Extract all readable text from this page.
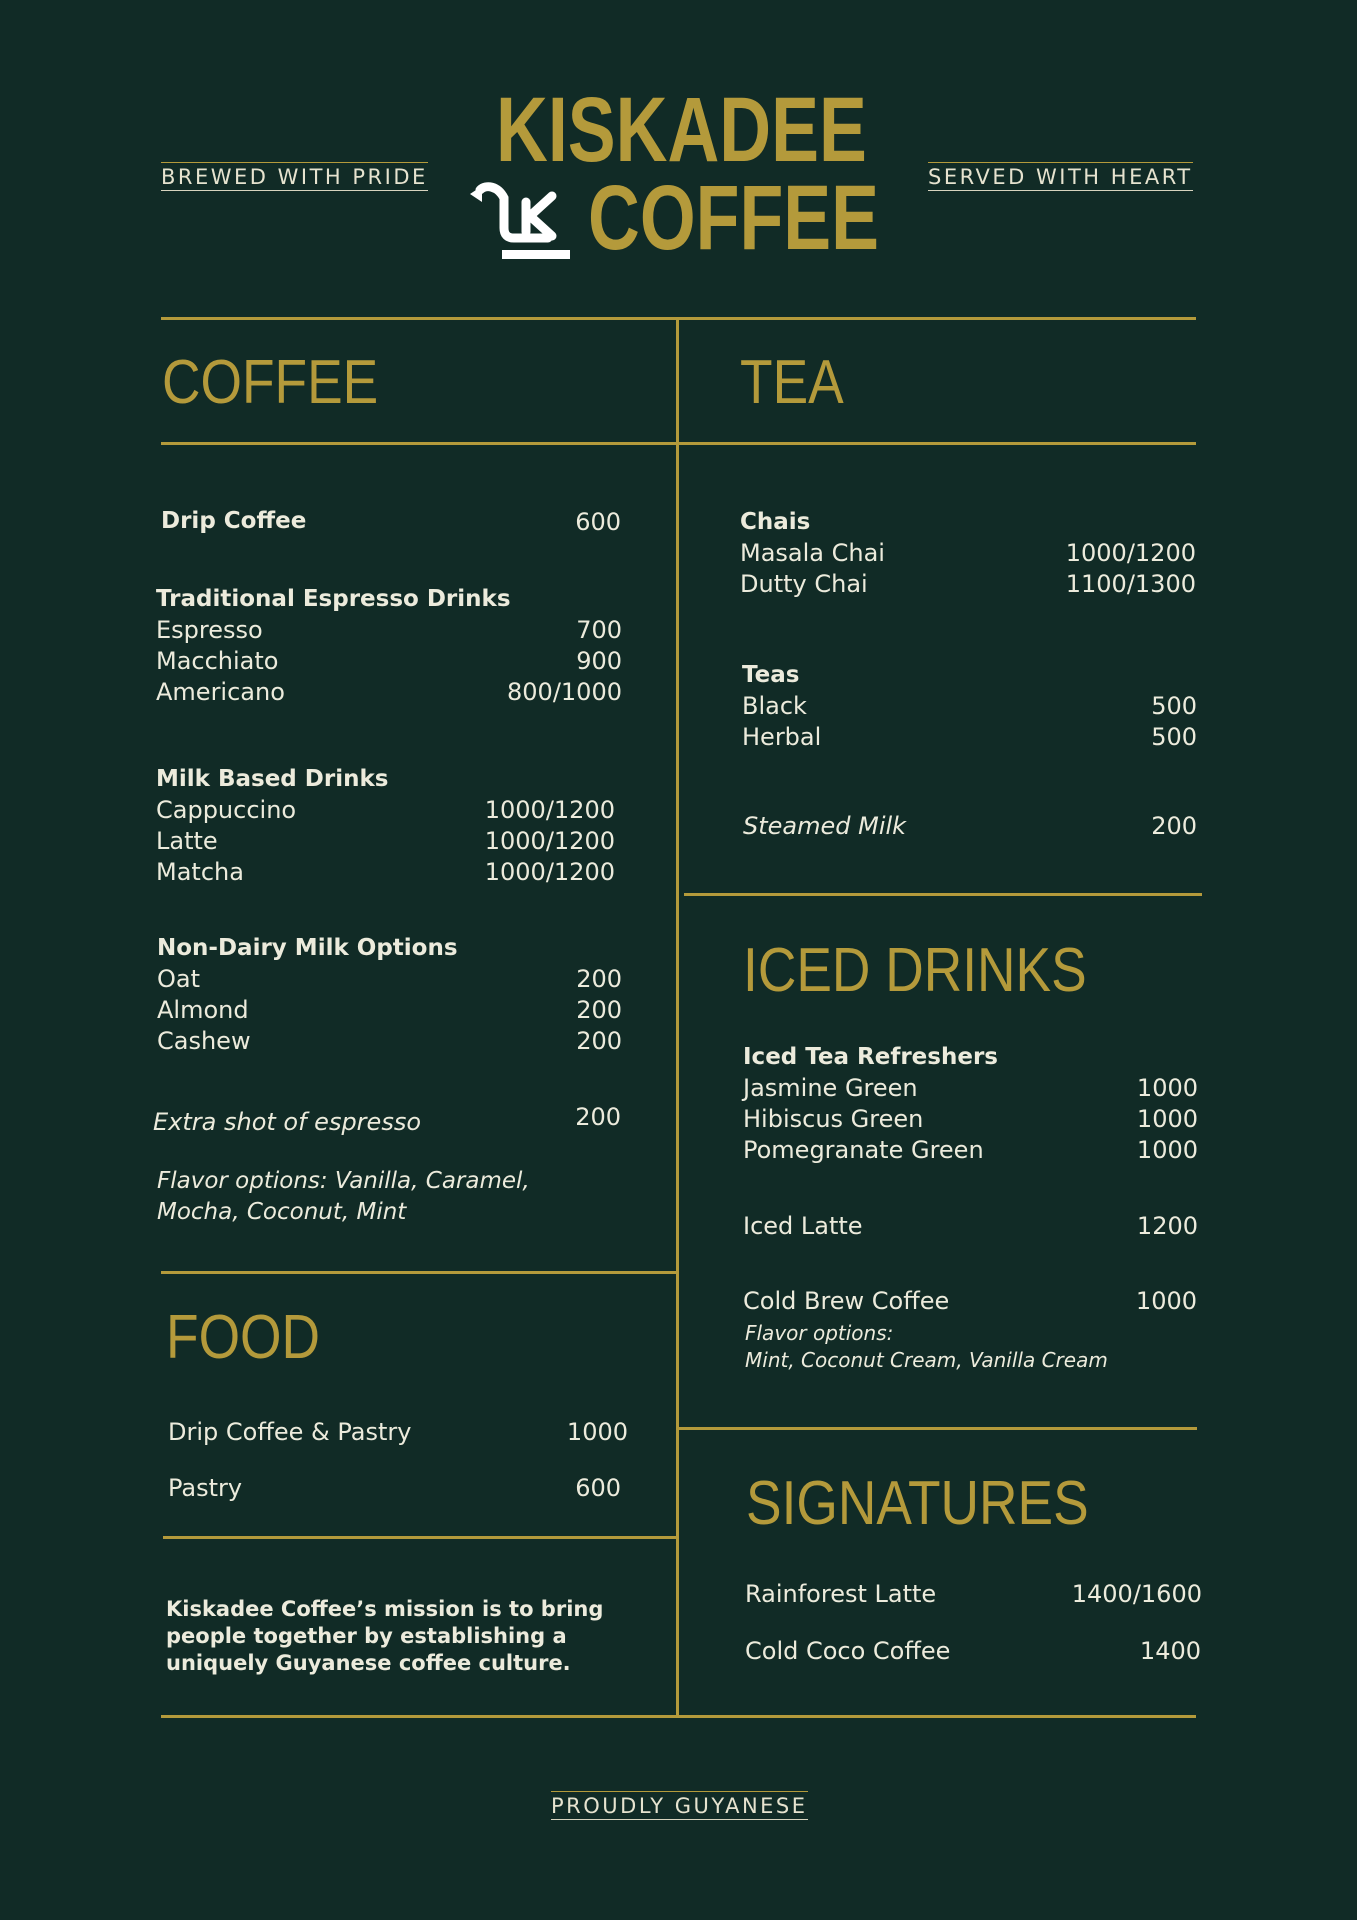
BREWED WITH PRIDE	SERVED WITH HEART
KISKADEE
COFFEE
COFFEE
Drip Coffee	600
Traditional Espresso Drinks
Espresso	700
Macchiato	900
Americano	800/1000
Milk Based Drinks
Cappuccino	1000/1200
Latte	1000/1200
Matcha	1000/1200
Non-Dairy Milk Options
Oat	200
Almond	200
Cashew	200
Extra shot of espresso	200
Flavor options: Vanilla, Caramel,
Mocha, Coconut, Mint
FOOD
Drip Coffee & Pastry	1000
Pastry	600
Kiskadee Coffee’s mission is to bring
people together by establishing a
uniquely Guyanese coffee culture.
TEA
Chais
Masala Chai	1000/1200
Dutty Chai	1100/1300
Teas
Black	500
Herbal	500
Steamed Milk	200
ICED DRINKS
Iced Tea Refreshers
Jasmine Green	1000
Hibiscus Green	1000
Pomegranate Green	1000
Iced Latte	1200
Cold Brew Coffee	1000
Flavor options:
Mint, Coconut Cream, Vanilla Cream
SIGNATURES
Rainforest Latte	1400/1600
Cold Coco Coffee	1400
PROUDLY GUYANESE
